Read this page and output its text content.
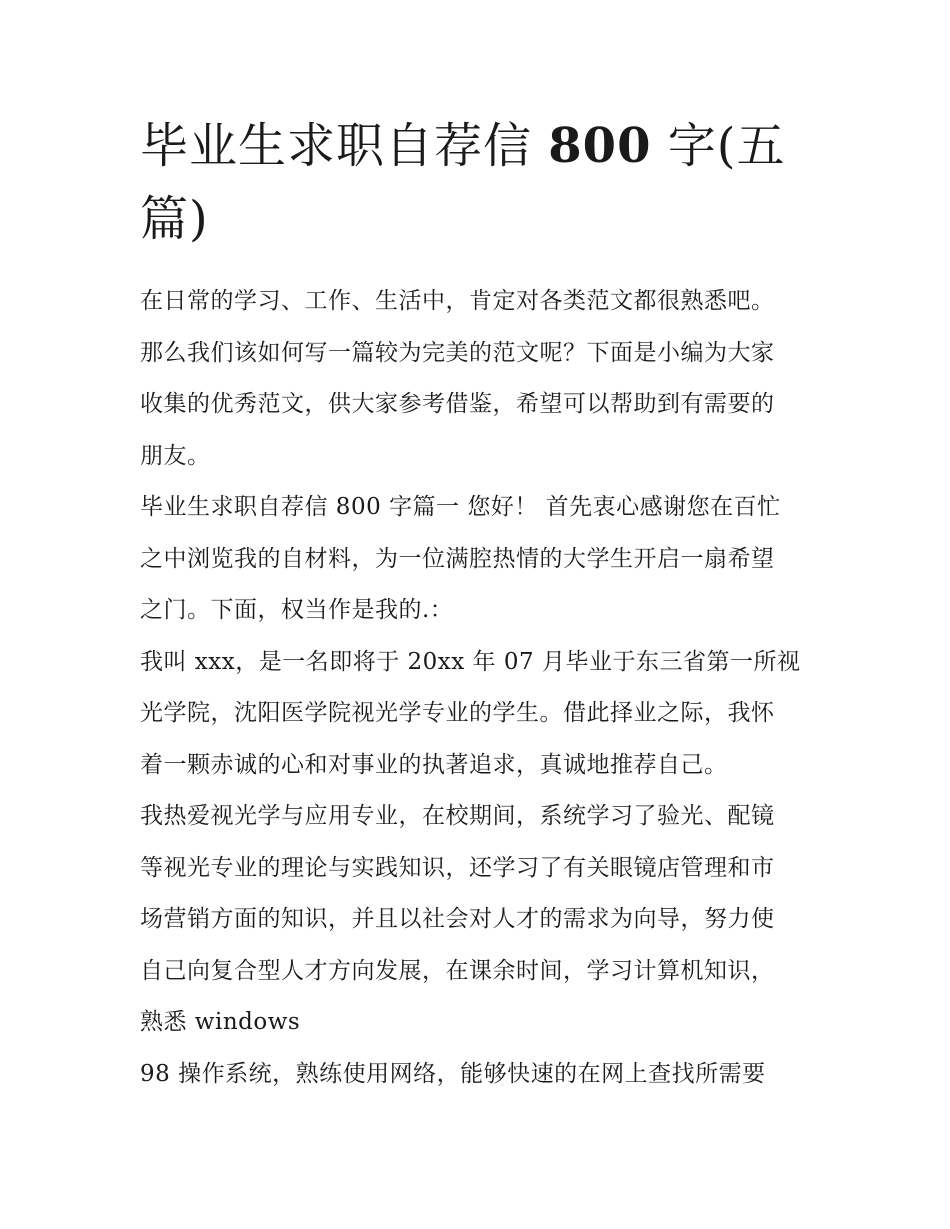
毕业生求职自荐信 800 字(五
篇)

在日常的学习、工作、生活中，肯定对各类范文都很熟悉吧。
那么我们该如何写一篇较为完美的范文呢？下面是小编为大家
收集的优秀范文，供大家参考借鉴，希望可以帮助到有需要的
朋友。

毕业生求职自荐信 800 字篇一 您好！ 首先衷心感谢您在百忙
之中浏览我的自材料，为一位满腔热情的大学生开启一扇希望
之门。下面，权当作是我的.：

我叫 xxx，是一名即将于 20xx 年 07 月毕业于东三省第一所视
光学院，沈阳医学院视光学专业的学生。借此择业之际，我怀
着一颗赤诚的心和对事业的执著追求，真诚地推荐自己。

我热爱视光学与应用专业，在校期间，系统学习了验光、配镜
等视光专业的理论与实践知识，还学习了有关眼镜店管理和市
场营销方面的知识，并且以社会对人才的需求为向导，努力使
自己向复合型人才方向发展，在课余时间，学习计算机知识，
熟悉 windows

98 操作系统，熟练使用网络，能够快速的在网上查找所需要
